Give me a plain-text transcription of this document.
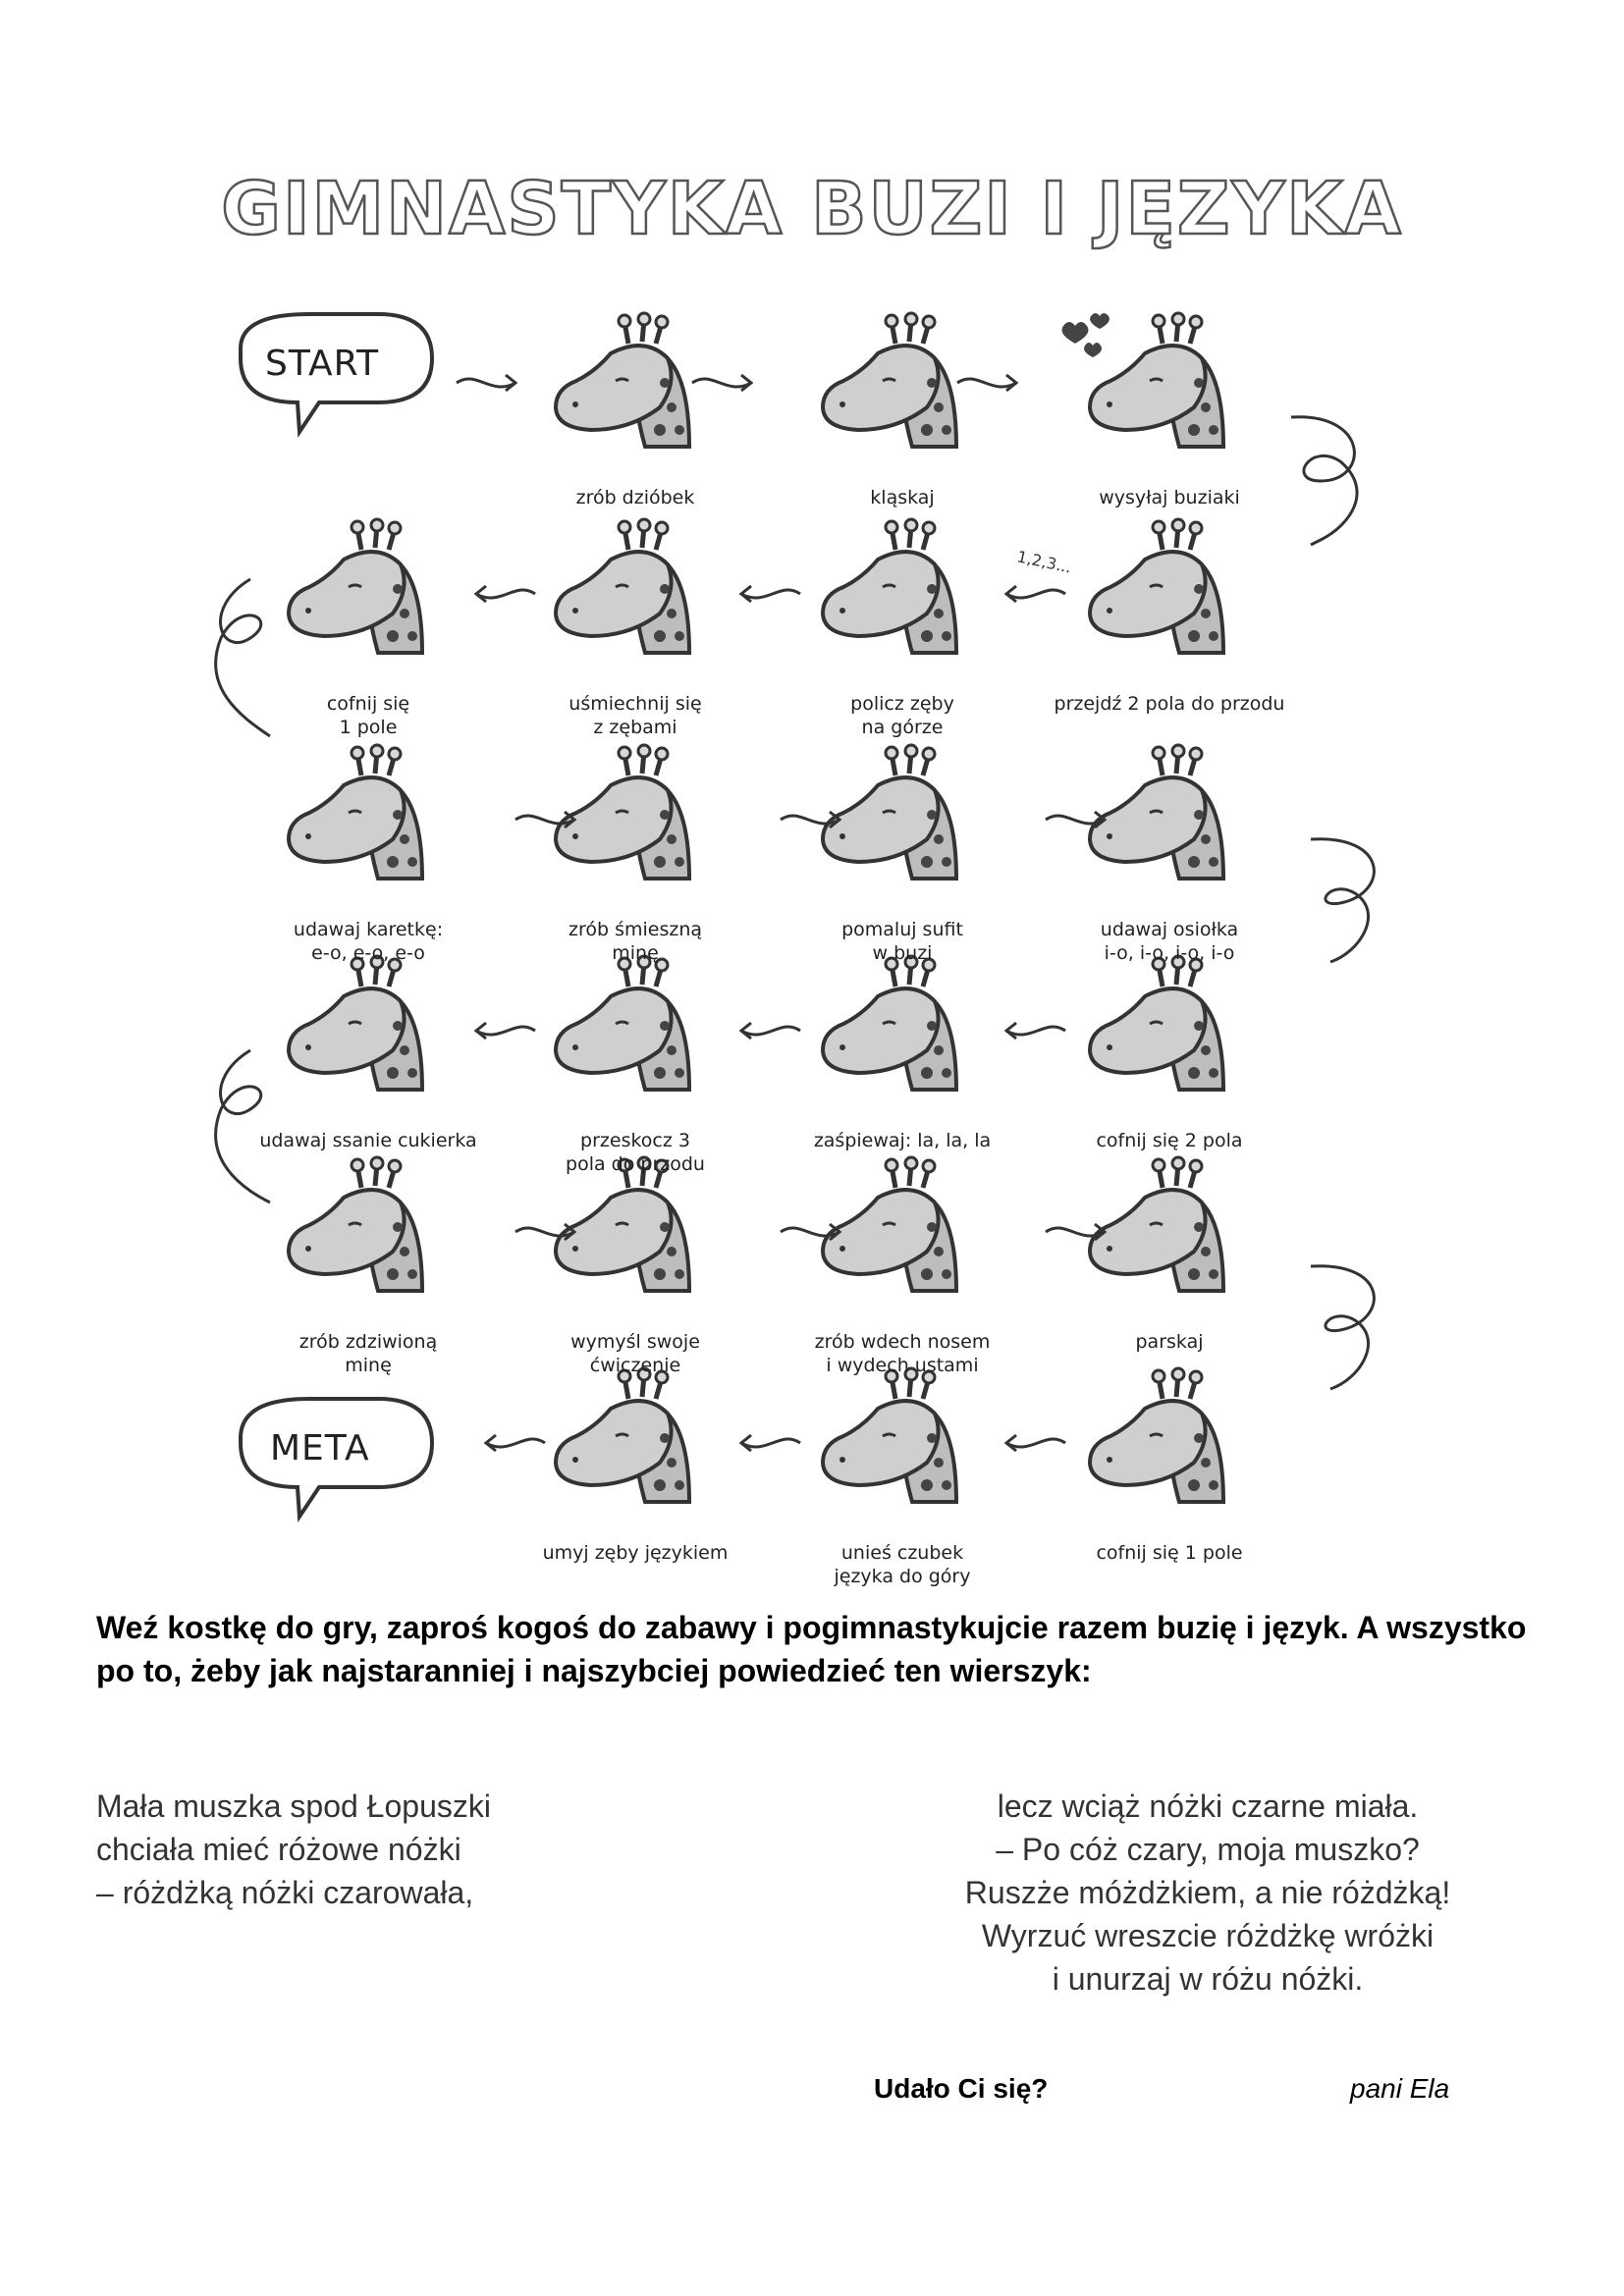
GIMNASTYKA BUZI I JĘZYKA
START
META
1,2,3...
zrób dzióbek	kląskaj	wysyłaj buziaki
cofnij się
1 pole
uśmiechnij się
z zębami
policz zęby
na górze
przejdź 2 pola do przodu
udawaj karetkę:
e-o, e-o, e-o
zrób śmieszną
minę
pomaluj sufit
w buzi
udawaj osiołka
i-o, i-o, i-o, i-o
udawaj ssanie cukierka	przeskocz 3
pola do przodu
zaśpiewaj: la, la, la	cofnij się 2 pola
zrób zdziwioną
minę
wymyśl swoje
ćwiczenie
zrób wdech nosem
i wydech ustami
parskaj
umyj zęby językiem	unieś czubek
języka do góry
cofnij się 1 pole
Weź kostkę do gry, zaproś kogoś do zabawy i pogimnastykujcie razem buzię i język. A wszystko po to, żeby jak najstaranniej i najszybciej powiedzieć ten wierszyk:
Mała muszka spod Łopuszki
chciała mieć różowe nóżki
– różdżką nóżki czarowała,
lecz wciąż nóżki czarne miała.
– Po cóż czary, moja muszko?
Ruszże móżdżkiem, a nie różdżką!
Wyrzuć wreszcie różdżkę wróżki
i unurzaj w różu nóżki.
Udało Ci się?	pani Ela
